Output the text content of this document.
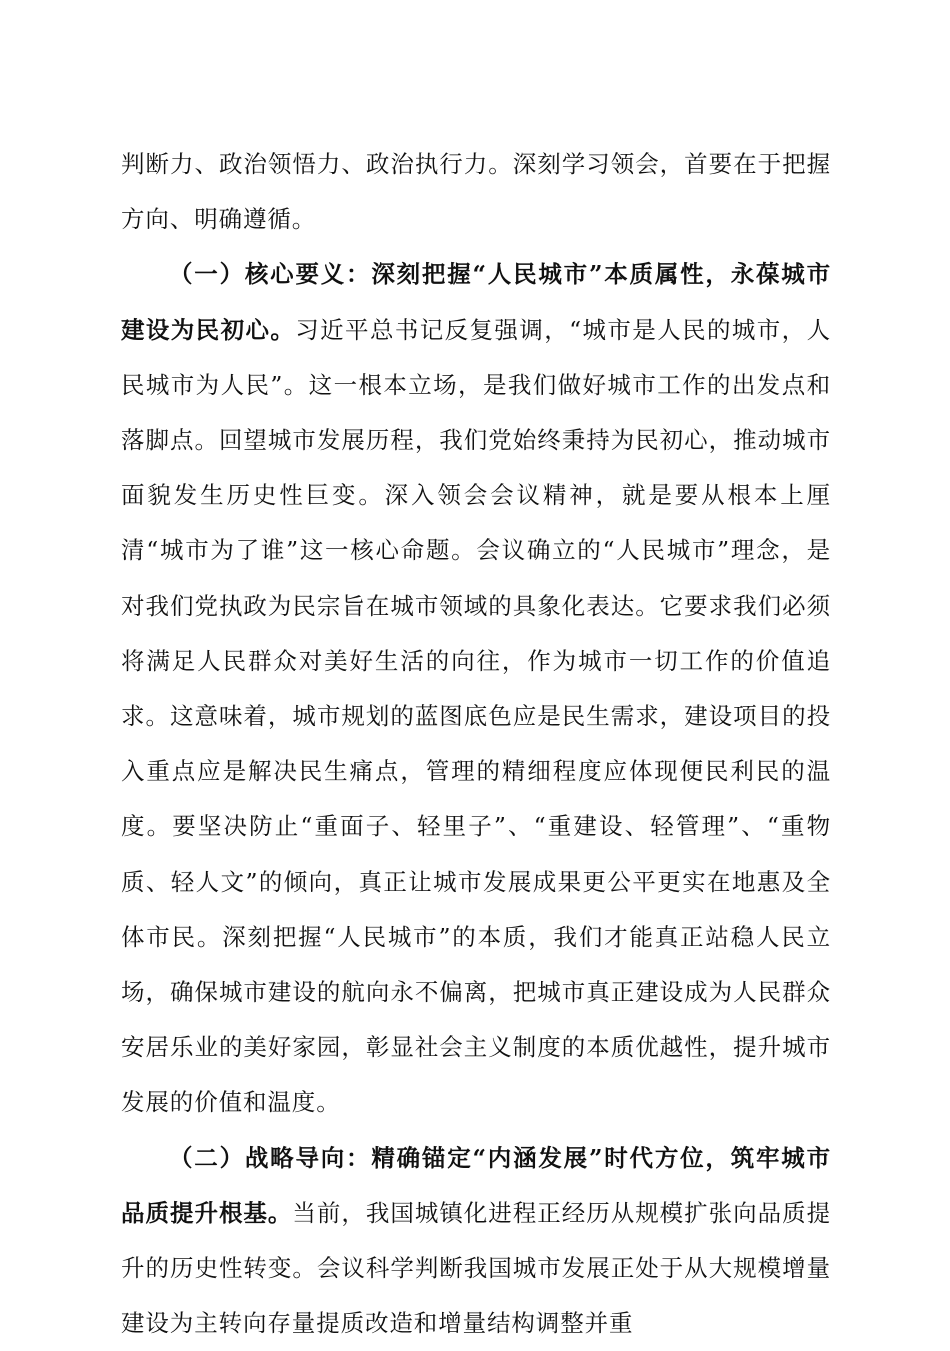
判断力、政治领悟力、政治执行力。深刻学习领会，首要在于把握方向、明确遵循。

（一）核心要义：深刻把握“人民城市”本质属性，永葆城市建设为民初心。习近平总书记反复强调，“城市是人民的城市，人民城市为人民”。这一根本立场，是我们做好城市工作的出发点和落脚点。回望城市发展历程，我们党始终秉持为民初心，推动城市面貌发生历史性巨变。深入领会会议精神，就是要从根本上厘清“城市为了谁”这一核心命题。会议确立的“人民城市”理念，是对我们党执政为民宗旨在城市领域的具象化表达。它要求我们必须将满足人民群众对美好生活的向往，作为城市一切工作的价值追求。这意味着，城市规划的蓝图底色应是民生需求，建设项目的投入重点应是解决民生痛点，管理的精细程度应体现便民利民的温度。要坚决防止“重面子、轻里子”、“重建设、轻管理”、“重物质、轻人文”的倾向，真正让城市发展成果更公平更实在地惠及全体市民。深刻把握“人民城市”的本质，我们才能真正站稳人民立场，确保城市建设的航向永不偏离，把城市真正建设成为人民群众安居乐业的美好家园，彰显社会主义制度的本质优越性，提升城市发展的价值和温度。

（二）战略导向：精确锚定“内涵发展”时代方位，筑牢城市品质提升根基。当前，我国城镇化进程正经历从规模扩张向品质提升的历史性转变。会议科学判断我国城市发展正处于从大规模增量建设为主转向存量提质改造和增量结构调整并重
